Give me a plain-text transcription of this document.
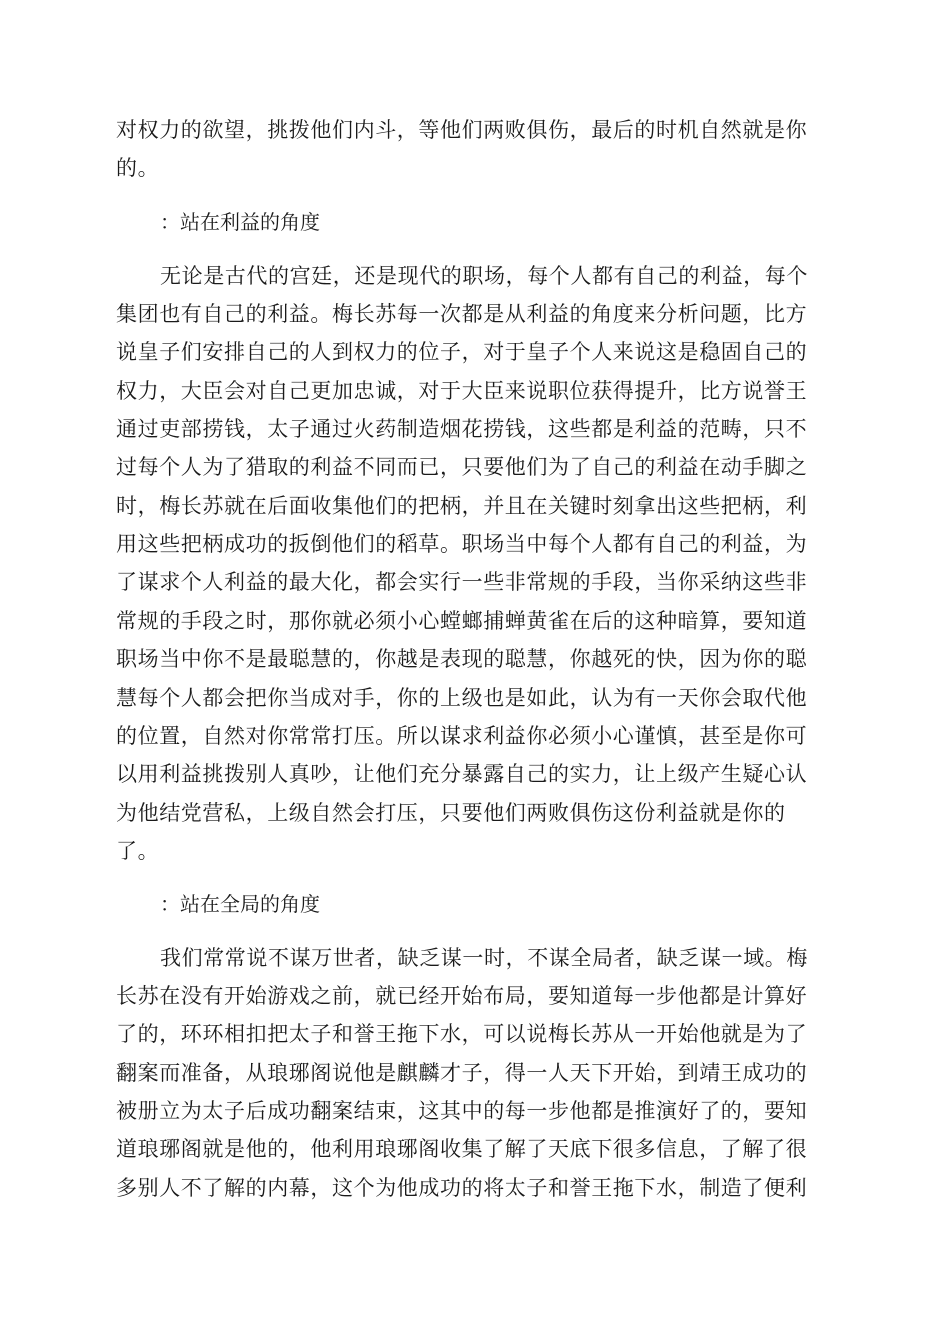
对权力的欲望，挑拨他们内斗，等他们两败俱伤，最后的时机自然就是你
的。
：站在利益的角度
无论是古代的宫廷，还是现代的职场，每个人都有自己的利益，每个
集团也有自己的利益。梅长苏每一次都是从利益的角度来分析问题，比方
说皇子们安排自己的人到权力的位子，对于皇子个人来说这是稳固自己的
权力，大臣会对自己更加忠诚，对于大臣来说职位获得提升，比方说誉王
通过吏部捞钱，太子通过火药制造烟花捞钱，这些都是利益的范畴，只不
过每个人为了猎取的利益不同而已，只要他们为了自己的利益在动手脚之
时，梅长苏就在后面收集他们的把柄，并且在关键时刻拿出这些把柄，利
用这些把柄成功的扳倒他们的稻草。职场当中每个人都有自己的利益，为
了谋求个人利益的最大化，都会实行一些非常规的手段，当你采纳这些非
常规的手段之时，那你就必须小心螳螂捕蝉黄雀在后的这种暗算，要知道
职场当中你不是最聪慧的，你越是表现的聪慧，你越死的快，因为你的聪
慧每个人都会把你当成对手，你的上级也是如此，认为有一天你会取代他
的位置，自然对你常常打压。所以谋求利益你必须小心谨慎，甚至是你可
以用利益挑拨别人真吵，让他们充分暴露自己的实力，让上级产生疑心认
为他结党营私，上级自然会打压，只要他们两败俱伤这份利益就是你的
了。
：站在全局的角度
我们常常说不谋万世者，缺乏谋一时，不谋全局者，缺乏谋一域。梅
长苏在没有开始游戏之前，就已经开始布局，要知道每一步他都是计算好
了的，环环相扣把太子和誉王拖下水，可以说梅长苏从一开始他就是为了
翻案而准备，从琅琊阁说他是麒麟才子，得一人天下开始，到靖王成功的
被册立为太子后成功翻案结束，这其中的每一步他都是推演好了的，要知
道琅琊阁就是他的，他利用琅琊阁收集了解了天底下很多信息，了解了很
多别人不了解的内幕，这个为他成功的将太子和誉王拖下水，制造了便利
